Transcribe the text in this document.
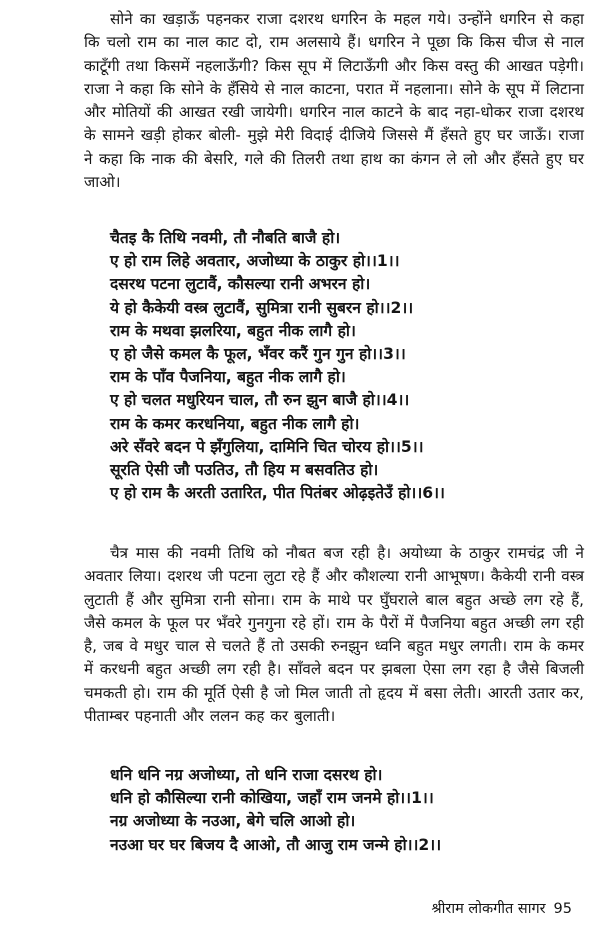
सोने का खड़ाऊँ पहनकर राजा दशरथ धगरिन के महल गये। उन्होंने धगरिन से कहा कि चलो राम का नाल काट दो, राम अलसाये हैं। धगरिन ने पूछा कि किस चीज से नाल काटूँगी तथा किसमें नहलाऊँगी? किस सूप में लिटाऊँगी और किस वस्तु की आखत पड़ेगी। राजा ने कहा कि सोने के हँसिये से नाल काटना, परात में नहलाना। सोने के सूप में लिटाना और मोतियों की आखत रखी जायेगी। धगरिन नाल काटने के बाद नहा-धोकर राजा दशरथ के सामने खड़ी होकर बोली- मुझे मेरी विदाई दीजिये जिससे मैं हँसते हुए घर जाऊँ। राजा ने कहा कि नाक की बेसरि, गले की तिलरी तथा हाथ का कंगन ले लो और हँसते हुए घर जाओ।

चैतइ कै तिथि नवमी, तौ नौबति बाजै हो।
ए हो राम लिहे अवतार, अजोध्या के ठाकुर हो।।1।।
दसरथ पटना लुटावैं, कौसल्या रानी अभरन हो।
ये हो कैकेयी वस्त्र लुटावैं, सुमित्रा रानी सुबरन हो।।2।।
राम के मथवा झलरिया, बहुत नीक लागै हो।
ए हो जैसे कमल कै फूल, भँवर करैं गुन गुन हो।।3।।
राम के पाँव पैजनिया, बहुत नीक लागै हो।
ए हो चलत मधुरियन चाल, तौ रुन झुन बाजै हो।।4।।
राम के कमर करधनिया, बहुत नीक लागै हो।
अरे सँवरे बदन पे झँगुलिया, दामिनि चित चोरय हो।।5।।
सूरति ऐसी जौ पउतिउ, तौ हिय म बसवतिउ हो।
ए हो राम कै अरती उतारित, पीत पितंबर ओढ़इतेउँ हो।।6।।

चैत्र मास की नवमी तिथि को नौबत बज रही है। अयोध्या के ठाकुर रामचंद्र जी ने अवतार लिया। दशरथ जी पटना लुटा रहे हैं और कौशल्या रानी आभूषण। कैकेयी रानी वस्त्र लुटाती हैं और सुमित्रा रानी सोना। राम के माथे पर घुँघराले बाल बहुत अच्छे लग रहे हैं, जैसे कमल के फूल पर भँवरे गुनगुना रहे हों। राम के पैरों में पैजनिया बहुत अच्छी लग रही है, जब वे मधुर चाल से चलते हैं तो उसकी रुनझुन ध्वनि बहुत मधुर लगती। राम के कमर में करधनी बहुत अच्छी लग रही है। साँवले बदन पर झबला ऐसा लग रहा है जैसे बिजली चमकती हो। राम की मूर्ति ऐसी है जो मिल जाती तो हृदय में बसा लेती। आरती उतार कर, पीताम्बर पहनाती और ललन कह कर बुलाती।

धनि धनि नग्र अजोध्या, तो धनि राजा दसरथ हो।
धनि हो कौसिल्या रानी कोखिया, जहाँ राम जनमे हो।।1।।
नग्र अजोध्या के नउआ, बेगे चलि आओ हो।
नउआ घर घर बिजय दै आओ, तौ आजु राम जन्मे हो।।2।।
श्रीराम लोकगीत सागर 95
